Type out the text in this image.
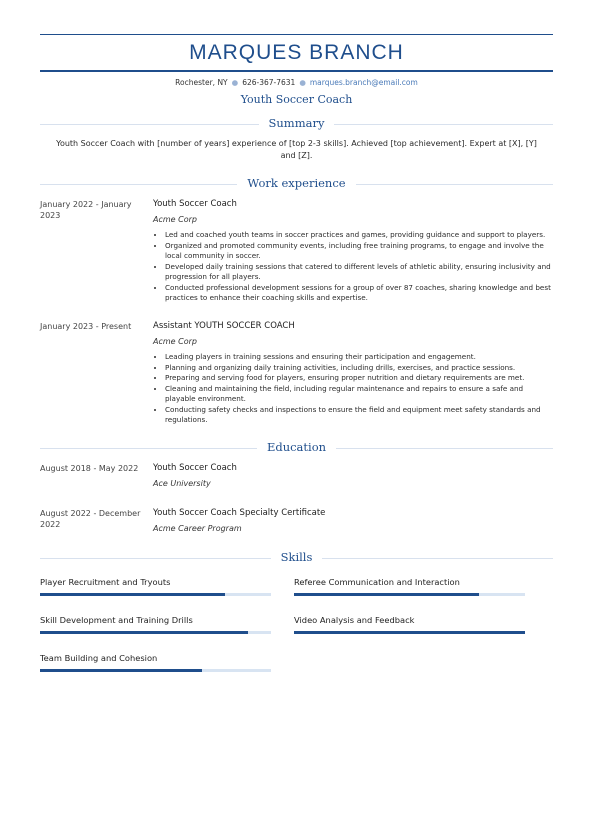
MARQUES BRANCH
Rochester, NY ● 626-367-7631 ● marques.branch@email.com
Youth Soccer Coach
Summary
Youth Soccer Coach with [number of years] experience of [top 2-3 skills]. Achieved [top achievement]. Expert at [X], [Y] and [Z].
Work experience
January 2022 - January 2023
Youth Soccer Coach
Acme Corp
• Led and coached youth teams in soccer practices and games, providing guidance and support to players.
• Organized and promoted community events, including free training programs, to engage and involve the local community in soccer.
• Developed daily training sessions that catered to different levels of athletic ability, ensuring inclusivity and progression for all players.
• Conducted professional development sessions for a group of over 87 coaches, sharing knowledge and best practices to enhance their coaching skills and expertise.
January 2023 - Present	Assistant YOUTH SOCCER COACH
Acme Corp
• Leading players in training sessions and ensuring their participation and engagement.
• Planning and organizing daily training activities, including drills, exercises, and practice sessions.
• Preparing and serving food for players, ensuring proper nutrition and dietary requirements are met.
• Cleaning and maintaining the field, including regular maintenance and repairs to ensure a safe and playable environment.
• Conducting safety checks and inspections to ensure the field and equipment meet safety standards and regulations.
Education
August 2018 - May 2022	Youth Soccer Coach
Ace University
August 2022 - December 2022
Youth Soccer Coach Specialty Certificate
Acme Career Program
Skills
Player Recruitment and Tryouts	Referee Communication and Interaction
Skill Development and Training Drills	Video Analysis and Feedback
Team Building and Cohesion
